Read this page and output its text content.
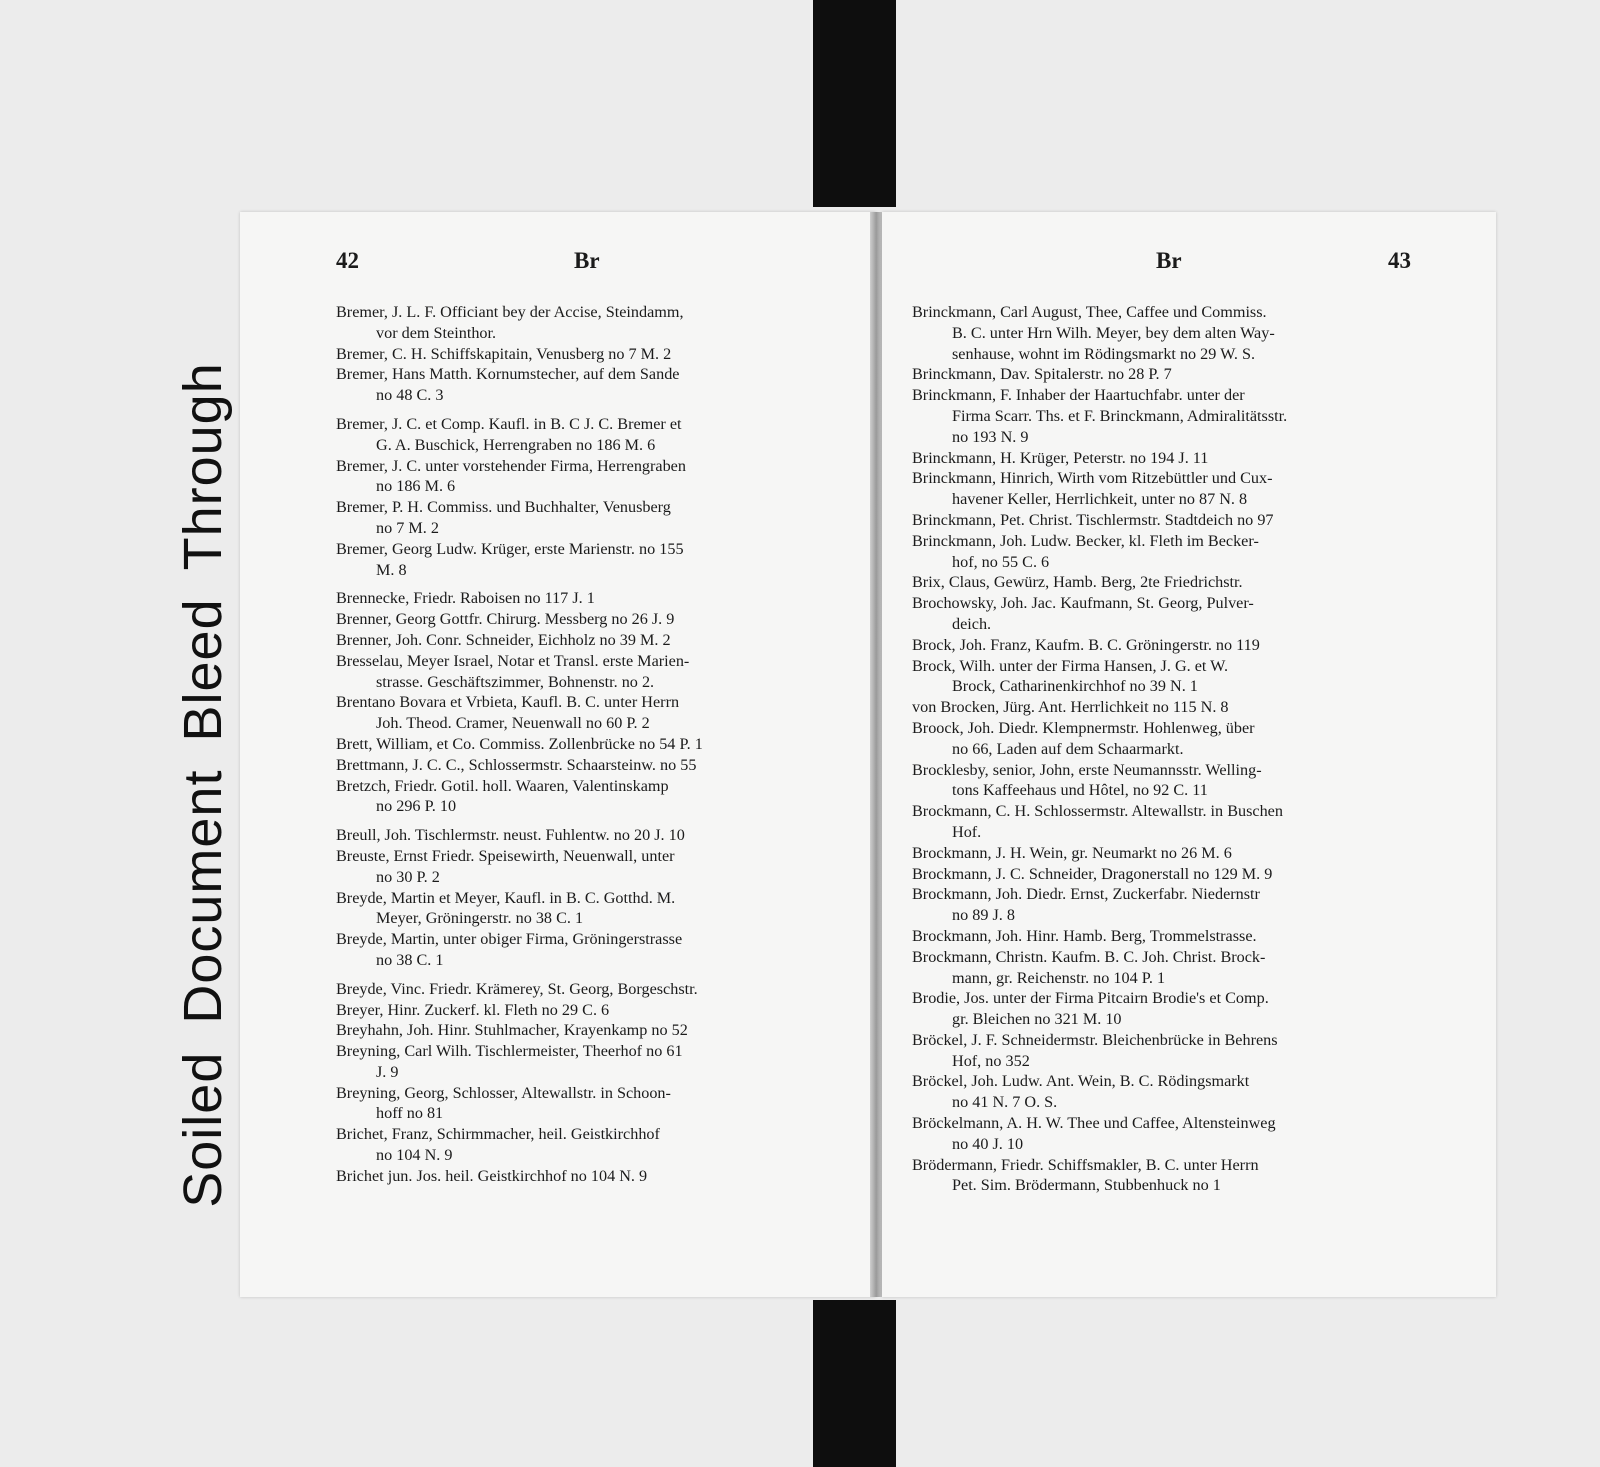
SoiledDocumentBleedThrough
42	Br

Bremer, J. L. F. Officiant bey der Accise, Steindamm,
vor dem Steinthor.

Bremer, C. H. Schiffskapitain, Venusberg no 7 M. 2

Bremer, Hans Matth. Kornumstecher, auf dem Sande
no 48 C. 3

Bremer, J. C. et Comp. Kaufl. in B. C J. C. Bremer et
G. A. Buschick, Herrengraben no 186 M. 6

Bremer, J. C. unter vorstehender Firma, Herrengraben
no 186 M. 6

Bremer, P. H. Commiss. und Buchhalter, Venusberg
no 7 M. 2

Bremer, Georg Ludw. Krüger, erste Marienstr. no 155
M. 8

Brennecke, Friedr. Raboisen no 117 J. 1

Brenner, Georg Gottfr. Chirurg. Messberg no 26 J. 9

Brenner, Joh. Conr. Schneider, Eichholz no 39 M. 2

Bresselau, Meyer Israel, Notar et Transl. erste Marien-
strasse. Geschäftszimmer, Bohnenstr. no 2.

Brentano Bovara et Vrbieta, Kaufl. B. C. unter Herrn
Joh. Theod. Cramer, Neuenwall no 60 P. 2

Brett, William, et Co. Commiss. Zollenbrücke no 54 P. 1

Brettmann, J. C. C., Schlossermstr. Schaarsteinw. no 55

Bretzch, Friedr. Gotil. holl. Waaren, Valentinskamp
no 296 P. 10

Breull, Joh. Tischlermstr. neust. Fuhlentw. no 20 J. 10

Breuste, Ernst Friedr. Speisewirth, Neuenwall, unter
no 30 P. 2

Breyde, Martin et Meyer, Kaufl. in B. C. Gotthd. M.
Meyer, Gröningerstr. no 38 C. 1

Breyde, Martin, unter obiger Firma, Gröningerstrasse
no 38 C. 1

Breyde, Vinc. Friedr. Krämerey, St. Georg, Borgeschstr.

Breyer, Hinr. Zuckerf. kl. Fleth no 29 C. 6

Breyhahn, Joh. Hinr. Stuhlmacher, Krayenkamp no 52

Breyning, Carl Wilh. Tischlermeister, Theerhof no 61
J. 9

Breyning, Georg, Schlosser, Altewallstr. in Schoon-
hoff no 81

Brichet, Franz, Schirmmacher, heil. Geistkirchhof
no 104 N. 9

Brichet jun. Jos. heil. Geistkirchhof no 104 N. 9

Br	43

Brinckmann, Carl August, Thee, Caffee und Commiss.
B. C. unter Hrn Wilh. Meyer, bey dem alten Way-
senhause, wohnt im Rödingsmarkt no 29 W. S.

Brinckmann, Dav. Spitalerstr. no 28 P. 7

Brinckmann, F. Inhaber der Haartuchfabr. unter der
Firma Scarr. Ths. et F. Brinckmann, Admiralitätsstr.
no 193 N. 9

Brinckmann, H. Krüger, Peterstr. no 194 J. 11

Brinckmann, Hinrich, Wirth vom Ritzebüttler und Cux-
havener Keller, Herrlichkeit, unter no 87 N. 8

Brinckmann, Pet. Christ. Tischlermstr. Stadtdeich no 97

Brinckmann, Joh. Ludw. Becker, kl. Fleth im Becker-
hof, no 55 C. 6

Brix, Claus, Gewürz, Hamb. Berg, 2te Friedrichstr.

Brochowsky, Joh. Jac. Kaufmann, St. Georg, Pulver-
deich.

Brock, Joh. Franz, Kaufm. B. C. Gröningerstr. no 119

Brock, Wilh. unter der Firma Hansen, J. G. et W.
Brock, Catharinenkirchhof no 39 N. 1

von Brocken, Jürg. Ant. Herrlichkeit no 115 N. 8

Broock, Joh. Diedr. Klempnermstr. Hohlenweg, über
no 66, Laden auf dem Schaarmarkt.

Brocklesby, senior, John, erste Neumannsstr. Welling-
tons Kaffeehaus und Hôtel, no 92 C. 11

Brockmann, C. H. Schlossermstr. Altewallstr. in Buschen
Hof.

Brockmann, J. H. Wein, gr. Neumarkt no 26 M. 6

Brockmann, J. C. Schneider, Dragonerstall no 129 M. 9

Brockmann, Joh. Diedr. Ernst, Zuckerfabr. Niedernstr
no 89 J. 8

Brockmann, Joh. Hinr. Hamb. Berg, Trommelstrasse.

Brockmann, Christn. Kaufm. B. C. Joh. Christ. Brock-
mann, gr. Reichenstr. no 104 P. 1

Brodie, Jos. unter der Firma Pitcairn Brodie's et Comp.
gr. Bleichen no 321 M. 10

Bröckel, J. F. Schneidermstr. Bleichenbrücke in Behrens
Hof, no 352

Bröckel, Joh. Ludw. Ant. Wein, B. C. Rödingsmarkt
no 41 N. 7 O. S.

Bröckelmann, A. H. W. Thee und Caffee, Altensteinweg
no 40 J. 10

Brödermann, Friedr. Schiffsmakler, B. C. unter Herrn
Pet. Sim. Brödermann, Stubbenhuck no 1
